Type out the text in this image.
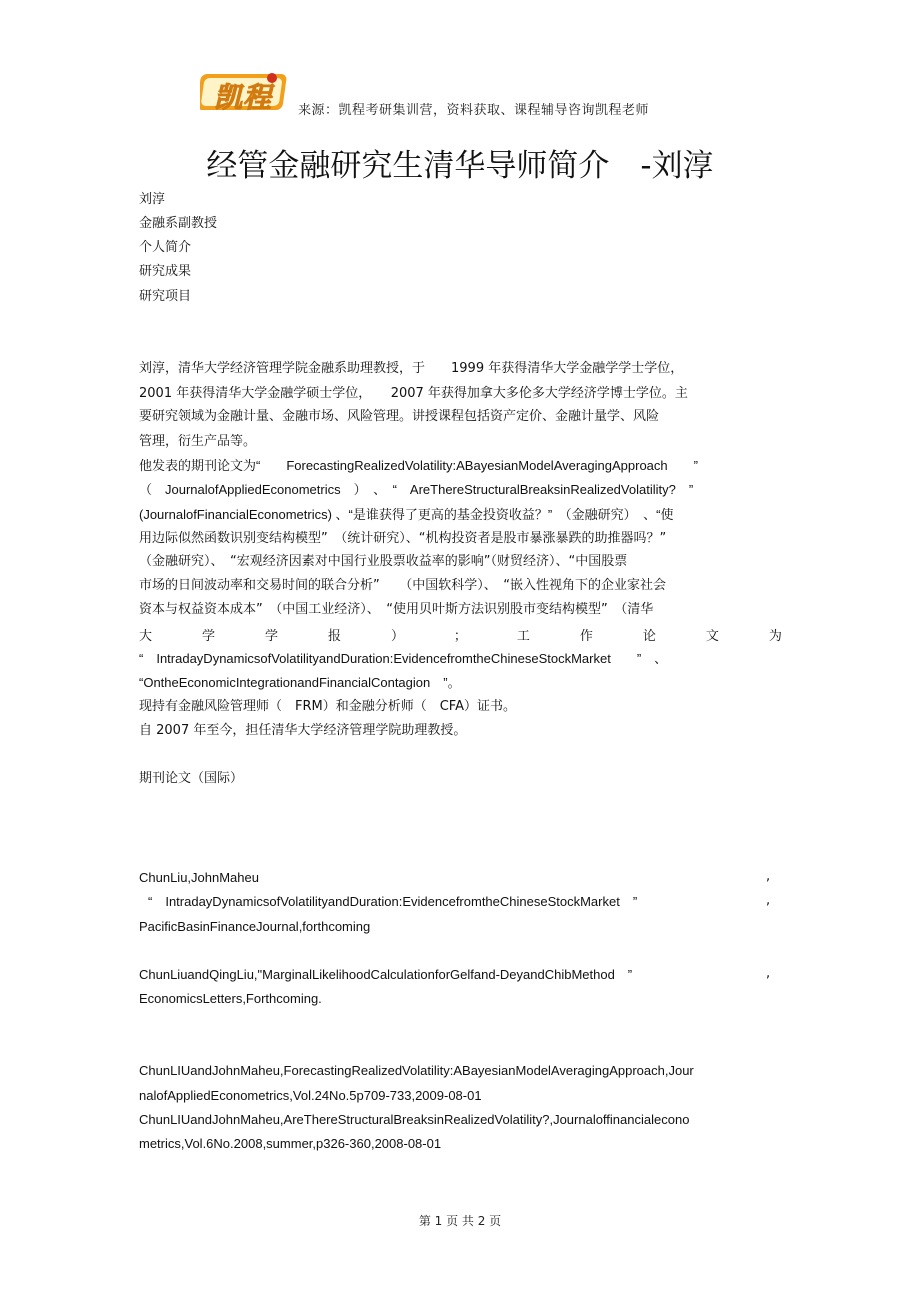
凯程 来源：凯程考研集训营，资料获取、课程辅导咨询凯程老师
经管金融研究生清华导师简介　-刘淳
刘淳
金融系副教授
个人简介
研究成果
研究项目
刘淳，清华大学经济管理学院金融系助理教授，于　　1999 年获得清华大学金融学学士学位，
2001 年获得清华大学金融学硕士学位，　　2007 年获得加拿大多伦多大学经济学博士学位。主
要研究领域为金融计量、金融市场、风险管理。讲授课程包括资产定价、金融计量学、风险
管理，衍生产品等。
他发表的期刊论文为“　　ForecastingRealizedVolatility:ABayesianModelAveragingApproach　　”
（　JournalofAppliedEconometrics　）　、　“　AreThereStructuralBreaksinRealizedVolatility?　”
(JournalofFinancialEconometrics) 、“是谁获得了更高的基金投资收益？”　（金融研究）　、“使
用边际似然函数识别变结构模型”　（统计研究）、“机构投资者是股市暴涨暴跌的助推器吗？”
（金融研究）、　“宏观经济因素对中国行业股票收益率的影响”（财贸经济）、“中国股票
市场的日间波动率和交易时间的联合分析”　　（中国软科学）、　“嵌入性视角下的企业家社会
资本与权益资本成本”　（中国工业经济）、　“使用贝叶斯方法识别股市变结构模型”　（清华
大	学	学	报	）	；	工	作	论	文	为
“　IntradayDynamicsofVolatilityandDuration:EvidencefromtheChineseStockMarket　　”　、
“OntheEconomicIntegrationandFinancialContagion　”。
现持有金融风险管理师（　FRM）和金融分析师（　CFA）证书。
自 2007 年至今，担任清华大学经济管理学院助理教授。
期刊论文（国际）
ChunLiu,JohnMaheu	,
“　IntradayDynamicsofVolatilityandDuration:EvidencefromtheChineseStockMarket　”	,
PacificBasinFinanceJournal,forthcoming
ChunLiuandQingLiu,"MarginalLikelihoodCalculationforGelfand-DeyandChibMethod　”	,
EconomicsLetters,Forthcoming.
ChunLIUandJohnMaheu,ForecastingRealizedVolatility:ABayesianModelAveragingApproach,Jour
nalofAppliedEconometrics,Vol.24No.5p709-733,2009-08-01
ChunLIUandJohnMaheu,AreThereStructuralBreaksinRealizedVolatility?,Journaloffinancialecono
metrics,Vol.6No.2008,summer,p326-360,2008-08-01
第 1 页 共 2 页
